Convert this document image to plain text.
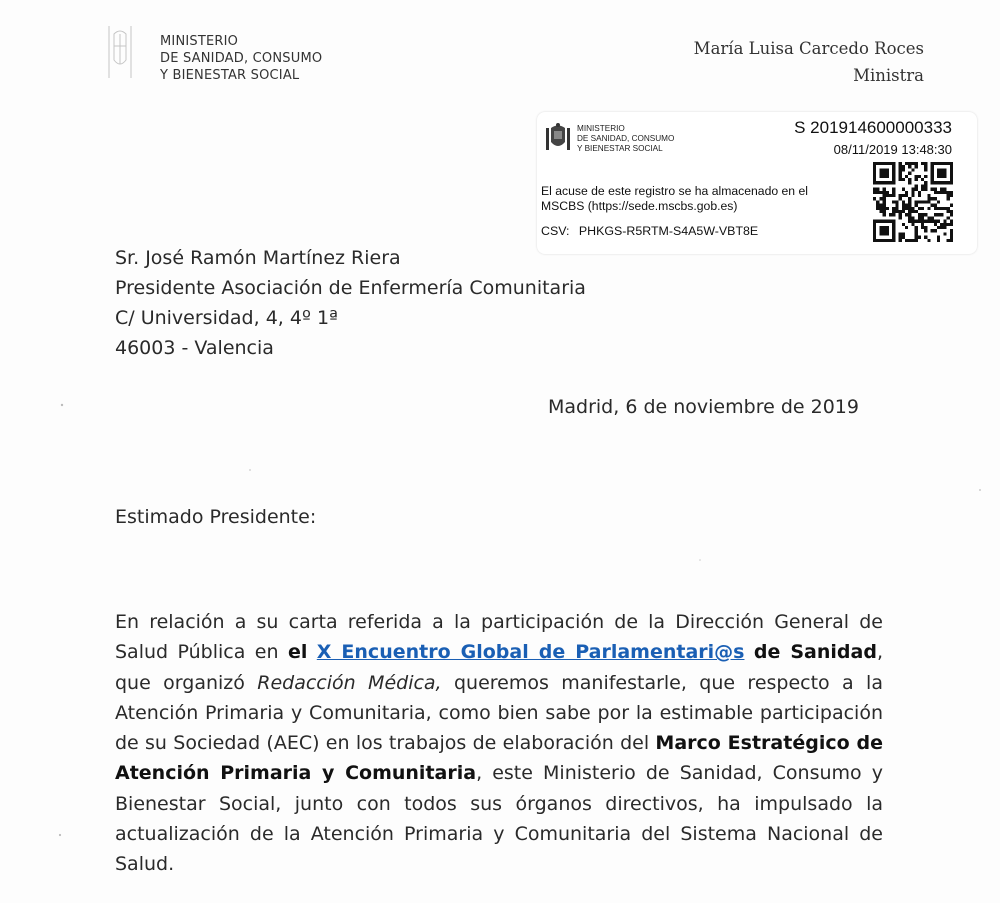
MINISTERIO
DE SANIDAD, CONSUMO
Y BIENESTAR SOCIAL
María Luisa Carcedo Roces
Ministra
MINISTERIO
DE SANIDAD, CONSUMO
Y BIENESTAR SOCIAL
S 201914600000333
08/11/2019 13:48:30
El acuse de este registro se ha almacenado en el
MSCBS (https://sede.mscbs.gob.es)
CSV: PHKGS-R5RTM-S4A5W-VBT8E
Sr. José Ramón Martínez Riera
Presidente Asociación de Enfermería Comunitaria
C/ Universidad, 4, 4º 1ª
46003 - Valencia
Madrid, 6 de noviembre de 2019
Estimado Presidente:
En relación a su carta referida a la participación de la Dirección General de Salud Pública en el X Encuentro Global de Parlamentari@s de Sanidad, que organizó Redacción Médica, queremos manifestarle, que respecto a la Atención Primaria y Comunitaria, como bien sabe por la estimable participación de su Sociedad (AEC) en los trabajos de elaboración del Marco Estratégico de Atención Primaria y Comunitaria, este Ministerio de Sanidad, Consumo y Bienestar Social, junto con todos sus órganos directivos, ha impulsado la actualización de la Atención Primaria y Comunitaria del Sistema Nacional de Salud.
